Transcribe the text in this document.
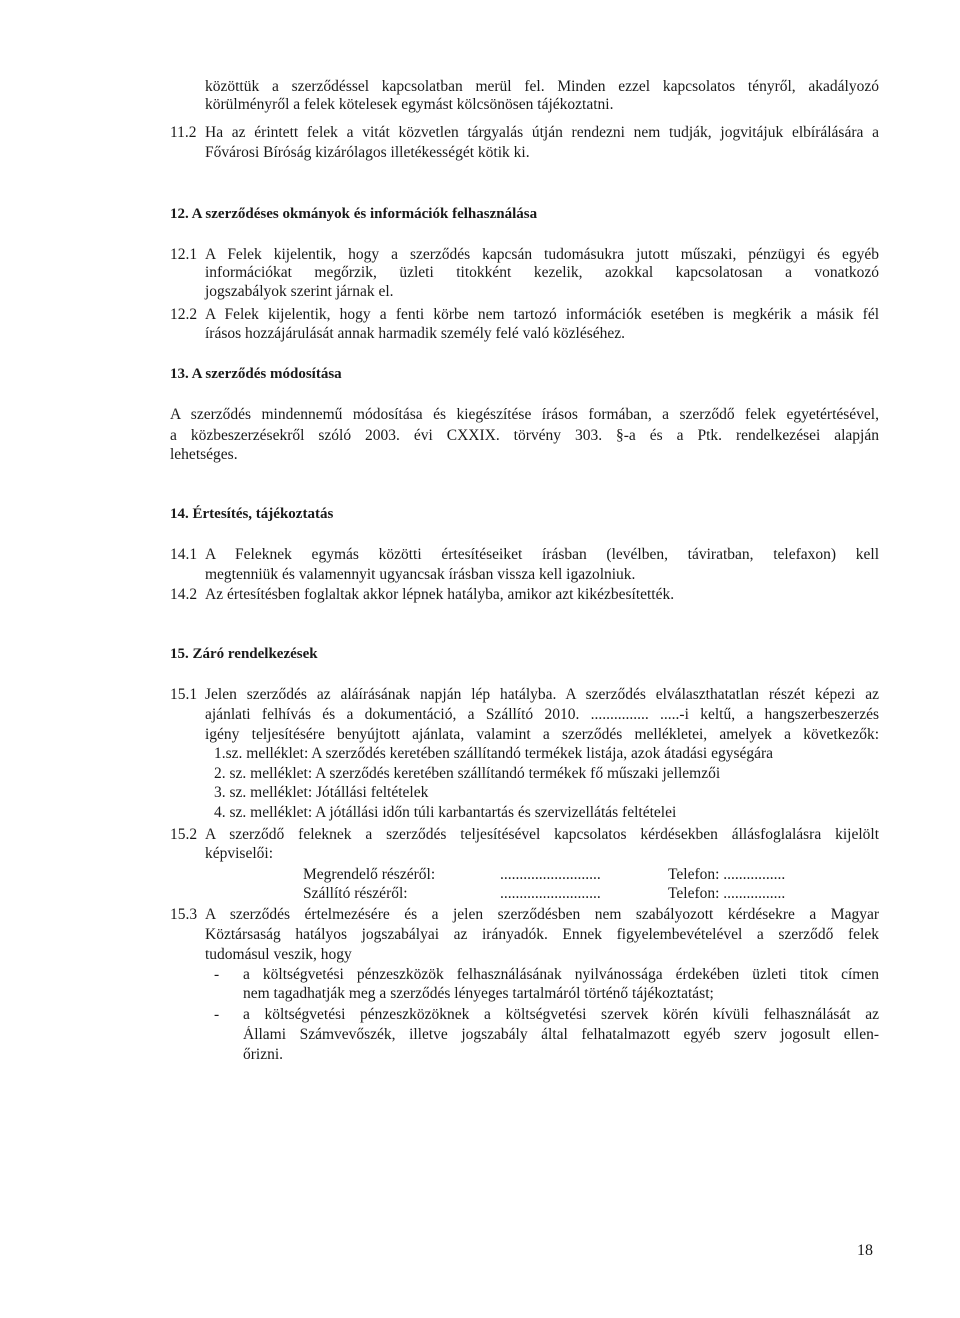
közöttük a szerződéssel kapcsolatban merül fel. Minden ezzel kapcsolatos tényről, akadályozó
körülményről a felek kötelesek egymást kölcsönösen tájékoztatni.
11.2 Ha az érintett felek a vitát közvetlen tárgyalás útján rendezni nem tudják, jogvitájuk elbírálására a
Fővárosi Bíróság kizárólagos illetékességét kötik ki.
12. A szerződéses okmányok és információk felhasználása
12.1 A Felek kijelentik, hogy a szerződés kapcsán tudomásukra jutott műszaki, pénzügyi és egyéb
információkat megőrzik, üzleti titokként kezelik, azokkal kapcsolatosan a vonatkozó
jogszabályok szerint járnak el.
12.2 A Felek kijelentik, hogy a fenti körbe nem tartozó információk esetében is megkérik a másik fél
írásos hozzájárulását annak harmadik személy felé való közléséhez.
13. A szerződés módosítása
A szerződés mindennemű módosítása és kiegészítése írásos formában, a szerződő felek egyetértésével,
a közbeszerzésekről szóló 2003. évi CXXIX. törvény 303. §-a és a Ptk. rendelkezései alapján
lehetséges.
14. Értesítés, tájékoztatás
14.1 A Feleknek egymás közötti értesítéseiket írásban (levélben, táviratban, telefaxon) kell
megtenniük és valamennyit ugyancsak írásban vissza kell igazolniuk.
14.2 Az értesítésben foglaltak akkor lépnek hatályba, amikor azt kikézbesítették.
15. Záró rendelkezések
15.1 Jelen szerződés az aláírásának napján lép hatályba. A szerződés elválaszthatatlan részét képezi az
ajánlati felhívás és a dokumentáció, a Szállító 2010. ............... .....-i keltű, a hangszerbeszerzés
igény teljesítésére benyújtott ajánlata, valamint a szerződés mellékletei, amelyek a következők:
1.sz. melléklet: A szerződés keretében szállítandó termékek listája, azok átadási egységára
2. sz. melléklet: A szerződés keretében szállítandó termékek fő műszaki jellemzői
3. sz. melléklet: Jótállási feltételek
4. sz. melléklet: A jótállási időn túli karbantartás és szervizellátás feltételei
15.2 A szerződő feleknek a szerződés teljesítésével kapcsolatos kérdésekben állásfoglalásra kijelölt
képviselői:
Megrendelő részéről:	..........................	Telefon: ................
Szállító részéről:	..........................	Telefon: ................
15.3 A szerződés értelmezésére és a jelen szerződésben nem szabályozott kérdésekre a Magyar
Köztársaság hatályos jogszabályai az irányadók. Ennek figyelembevételével a szerződő felek
tudomásul veszik, hogy
- a költségvetési pénzeszközök felhasználásának nyilvánossága érdekében üzleti titok címen
nem tagadhatják meg a szerződés lényeges tartalmáról történő tájékoztatást;
- a költségvetési pénzeszközöknek a költségvetési szervek körén kívüli felhasználását az
Állami Számvevőszék, illetve jogszabály által felhatalmazott egyéb szerv jogosult ellen-
őrizni.
18
